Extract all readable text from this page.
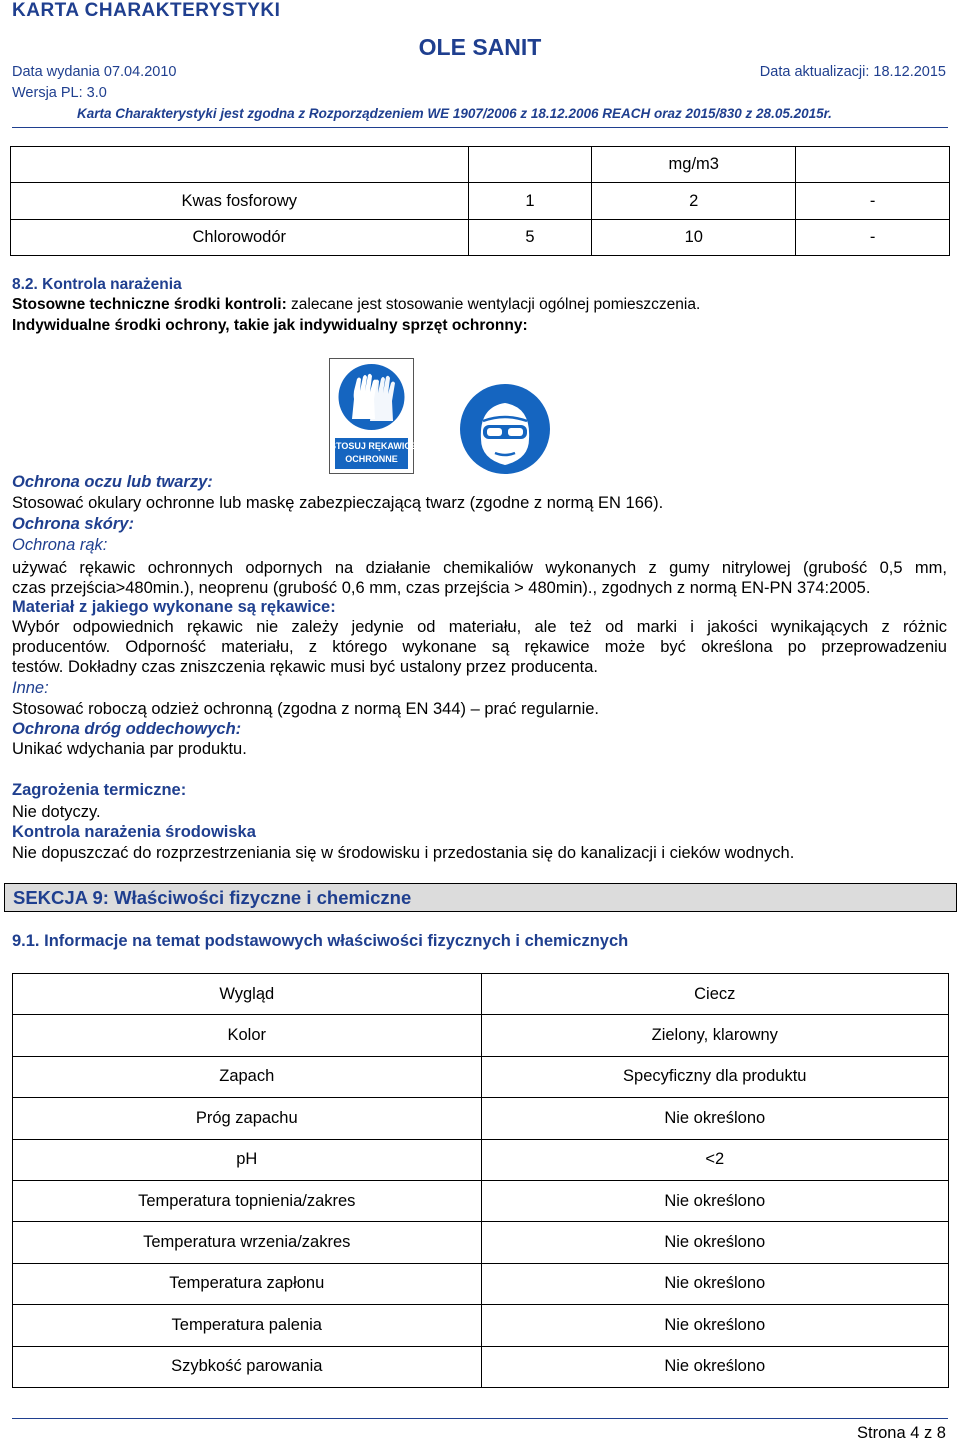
KARTA CHARAKTERYSTYKI
OLE SANIT
Data wydania 07.04.2010	Data aktualizacji: 18.12.2015
Wersja PL: 3.0
Karta Charakterystyki jest zgodna z Rozporządzeniem WE 1907/2006 z 18.12.2006 REACH oraz 2015/830 z 28.05.2015r.
		mg/m3	
Kwas fosforowy	1	2	-
Chlorowodór	5	10	-
8.2. Kontrola narażenia
Stosowne techniczne środki kontroli: zalecane jest stosowanie wentylacji ogólnej pomieszczenia.
Indywidualne środki ochrony, takie jak indywidualny sprzęt ochronny:
STOSUJ RĘKAWICE
OCHRONNE
Ochrona oczu lub twarzy:
Stosować okulary ochronne lub maskę zabezpieczającą twarz (zgodne z normą EN 166).
Ochrona skóry:
Ochrona rąk:
używać rękawic ochronnych odpornych na działanie chemikaliów wykonanych z gumy nitrylowej (grubość 0,5 mm,
czas przejścia>480min.), neoprenu (grubość 0,6 mm, czas przejścia > 480min)., zgodnych z normą EN-PN 374:2005.
Materiał z jakiego wykonane są rękawice:
Wybór odpowiednich rękawic nie zależy jedynie od materiału, ale też od marki i jakości wynikających z różnic
producentów. Odporność materiału, z którego wykonane są rękawice może być określona po przeprowadzeniu
testów. Dokładny czas zniszczenia rękawic musi być ustalony przez producenta.
Inne:
Stosować roboczą odzież ochronną (zgodna z normą EN 344) – prać regularnie.
Ochrona dróg oddechowych:
Unikać wdychania par produktu.
Zagrożenia termiczne:
Nie dotyczy.
Kontrola narażenia środowiska
Nie dopuszczać do rozprzestrzeniania się w środowisku i przedostania się do kanalizacji i cieków wodnych.
SEKCJA 9: Właściwości fizyczne i chemiczne
9.1. Informacje na temat podstawowych właściwości fizycznych i chemicznych
Wygląd	Ciecz
Kolor	Zielony, klarowny
Zapach	Specyficzny dla produktu
Próg zapachu	Nie określono
pH	<2
Temperatura topnienia/zakres	Nie określono
Temperatura wrzenia/zakres	Nie określono
Temperatura zapłonu	Nie określono
Temperatura palenia	Nie określono
Szybkość parowania	Nie określono
Strona 4 z 8
